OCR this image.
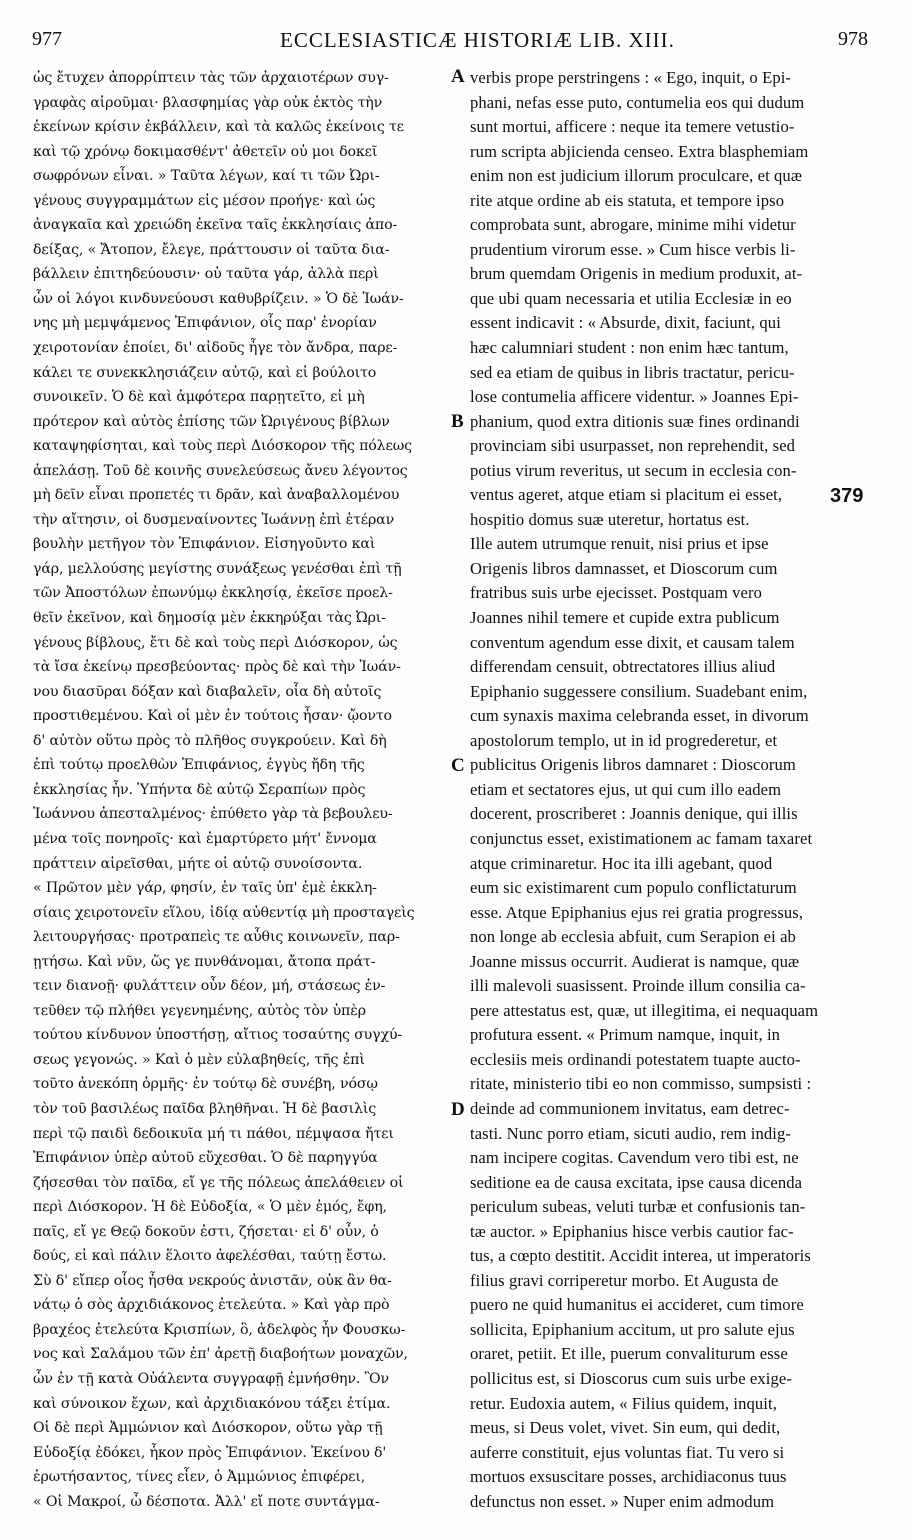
977	ECCLESIASTICÆ HISTORIÆ LIB. XIII.	978
ὡς ἔτυχεν ἀπορρίπτειν τὰς τῶν ἀρχαιοτέρων συγ-
γραφὰς αἱροῦμαι· βλασφημίας γὰρ οὐκ ἐκτὸς τὴν
ἐκείνων κρίσιν ἐκβάλλειν, καὶ τὰ καλῶς ἐκείνοις τε
καὶ τῷ χρόνῳ δοκιμασθέντ' ἀθετεῖν οὐ μοι δοκεῖ
σωφρόνων εἶναι. » Ταῦτα λέγων, καί τι τῶν Ὠρι-
γένους συγγραμμάτων εἰς μέσον προήγε· καὶ ὡς
ἀναγκαῖα καὶ χρειώδη ἐκεῖνα ταῖς ἐκκλησίαις ἀπο-
δείξας, « Ἄτοπον, ἔλεγε, πράττουσιν οἱ ταῦτα δια-
βάλλειν ἐπιτηδεύουσιν· οὐ ταῦτα γάρ, ἀλλὰ περὶ
ὧν οἱ λόγοι κινδυνεύουσι καθυβρίζειν. » Ὁ δὲ Ἰωάν-
νης μὴ μεμψάμενος Ἐπιφάνιον, οἷς παρ' ἐνορίαν
χειροτονίαν ἐποίει, δι' αἰδοῦς ἦγε τὸν ἄνδρα, παρε-
κάλει τε συνεκκλησιάζειν αὐτῷ, καὶ εἰ βούλοιτο
συνοικεῖν. Ὁ δὲ καὶ ἀμφότερα παρῃτεῖτο, εἰ μὴ
πρότερον καὶ αὐτὸς ἐπίσης τῶν Ὠριγένους βίβλων
καταψηφίσηται, καὶ τοὺς περὶ Διόσκορον τῆς πόλεως
ἀπελάσῃ. Τοῦ δὲ κοινῆς συνελεύσεως ἄνευ λέγοντος
μὴ δεῖν εἶναι προπετές τι δρᾶν, καὶ ἀναβαλλομένου
τὴν αἴτησιν, οἱ δυσμεναίνοντες Ἰωάννῃ ἐπὶ ἑτέραν
βουλὴν μετῆγον τὸν Ἐπιφάνιον. Εἰσηγοῦντο καὶ
γάρ, μελλούσης μεγίστης συνάξεως γενέσθαι ἐπὶ τῇ
τῶν Ἀποστόλων ἐπωνύμῳ ἐκκλησίᾳ, ἐκεῖσε προελ-
θεῖν ἐκεῖνον, καὶ δημοσίᾳ μὲν ἐκκηρύξαι τὰς Ὠρι-
γένους βίβλους, ἔτι δὲ καὶ τοὺς περὶ Διόσκορον, ὡς
τὰ ἴσα ἐκείνῳ πρεσβεύοντας· πρὸς δὲ καὶ τὴν Ἰωάν-
νου διασῦραι δόξαν καὶ διαβαλεῖν, οἷα δὴ αὐτοῖς
προστιθεμένου. Καὶ οἱ μὲν ἐν τούτοις ἦσαν· ᾤοντο
δ' αὐτὸν οὕτω πρὸς τὸ πλῆθος συγκρούειν. Καὶ δὴ
ἐπὶ τούτῳ προελθὼν Ἐπιφάνιος, ἐγγὺς ἤδη τῆς
ἐκκλησίας ἦν. Ὑπήντα δὲ αὐτῷ Σεραπίων πρὸς
Ἰωάννου ἀπεσταλμένος· ἐπύθετο γὰρ τὰ βεβουλευ-
μένα τοῖς πονηροῖς· καὶ ἐμαρτύρετο μήτ' ἔννομα
πράττειν αἱρεῖσθαι, μήτε οἱ αὐτῷ συνοίσοντα.
« Πρῶτον μὲν γάρ, φησίν, ἐν ταῖς ὑπ' ἐμὲ ἐκκλη-
σίαις χειροτονεῖν εἵλου, ἰδίᾳ αὐθεντίᾳ μὴ προσταγεὶς
λειτουργήσας· προτραπεὶς τε αὖθις κοινωνεῖν, παρ-
ῃτήσω. Καὶ νῦν, ὥς γε πυνθάνομαι, ἄτοπα πράτ-
τειν διανοῇ· φυλάττειν οὖν δέον, μή, στάσεως ἐν-
τεῦθεν τῷ πλήθει γεγενημένης, αὐτὸς τὸν ὑπὲρ
τούτου κίνδυνον ὑποστήσῃ, αἴτιος τοσαύτης συγχύ-
σεως γεγονώς. » Καὶ ὁ μὲν εὐλαβηθείς, τῆς ἐπὶ
τοῦτο ἀνεκόπη ὁρμῆς· ἐν τούτῳ δὲ συνέβη, νόσῳ
τὸν τοῦ βασιλέως παῖδα βληθῆναι. Ἡ δὲ βασιλὶς
περὶ τῷ παιδὶ δεδοικυῖα μή τι πάθοι, πέμψασα ἤτει
Ἐπιφάνιον ὑπὲρ αὐτοῦ εὔχεσθαι. Ὁ δὲ παρηγγύα
ζήσεσθαι τὸν παῖδα, εἴ γε τῆς πόλεως ἀπελάθειεν οἱ
περὶ Διόσκορον. Ἡ δὲ Εὐδοξία, « Ὁ μὲν ἐμός, ἔφη,
παῖς, εἴ γε Θεῷ δοκοῦν ἐστι, ζήσεται· εἰ δ' οὖν, ὁ
δούς, εἰ καὶ πάλιν ἕλοιτο ἀφελέσθαι, ταύτῃ ἔστω.
Σὺ δ' εἴπερ οἷος ἦσθα νεκρούς ἀνιστᾶν, οὐκ ἂν θα-
νάτῳ ὁ σὸς ἀρχιδιάκονος ἐτελεύτα. » Καὶ γὰρ πρὸ
βραχέος ἐτελεύτα Κρισπίων, ὃ, ἀδελφὸς ἦν Φουσκω-
νος καὶ Σαλάμου τῶν ἐπ' ἀρετῇ διαβοήτων μοναχῶν,
ὧν ἐν τῇ κατὰ Οὐάλεντα συγγραφῇ ἐμνήσθην. Ὃν
καὶ σύνοικον ἔχων, καὶ ἀρχιδιακόνου τάξει ἐτίμα.
Οἱ δὲ περὶ Ἀμμώνιον καὶ Διόσκορον, οὕτω γὰρ τῇ
Εὐδοξίᾳ ἐδόκει, ἧκον πρὸς Ἐπιφάνιον. Ἐκείνου δ'
ἐρωτήσαντος, τίνες εἶεν, ὁ Ἀμμώνιος ἐπιφέρει,
« Οἱ Μακροί, ὦ δέσποτα. Ἀλλ' εἴ ποτε συντάγμα-
verbis prope perstringens : « Ego, inquit, o Epi-
phani, nefas esse puto, contumelia eos qui dudum
sunt mortui, afficere : neque ita temere vetustio-
rum scripta abjicienda censeo. Extra blasphemiam
enim non est judicium illorum proculcare, et quæ
rite atque ordine ab eis statuta, et tempore ipso
comprobata sunt, abrogare, minime mihi videtur
prudentium virorum esse. » Cum hisce verbis li-
brum quemdam Origenis in medium produxit, at-
que ubi quam necessaria et utilia Ecclesiæ in eo
essent indicavit : « Absurde, dixit, faciunt, qui
hæc calumniari student : non enim hæc tantum,
sed ea etiam de quibus in libris tractatur, pericu-
lose contumelia afficere videntur. » Joannes Epi-
phanium, quod extra ditionis suæ fines ordinandi
provinciam sibi usurpasset, non reprehendit, sed
potius virum reveritus, ut secum in ecclesia con-
ventus ageret, atque etiam si placitum ei esset,
hospitio domus suæ uteretur, hortatus est.
Ille autem utrumque renuit, nisi prius et ipse
Origenis libros damnasset, et Dioscorum cum
fratribus suis urbe ejecisset. Postquam vero
Joannes nihil temere et cupide extra publicum
conventum agendum esse dixit, et causam talem
differendam censuit, obtrectatores illius aliud
Epiphanio suggessere consilium. Suadebant enim,
cum synaxis maxima celebranda esset, in divorum
apostolorum templo, ut in id progrederetur, et
publicitus Origenis libros damnaret : Dioscorum
etiam et sectatores ejus, ut qui cum illo eadem
docerent, proscriberet : Joannis denique, qui illis
conjunctus esset, existimationem ac famam taxaret
atque criminaretur. Hoc ita illi agebant, quod
eum sic existimarent cum populo conflictaturum
esse. Atque Epiphanius ejus rei gratia progressus,
non longe ab ecclesia abfuit, cum Serapion ei ab
Joanne missus occurrit. Audierat is namque, quæ
illi malevoli suasissent. Proinde illum consilia ca-
pere attestatus est, quæ, ut illegitima, ei nequaquam
profutura essent. « Primum namque, inquit, in
ecclesiis meis ordinandi potestatem tuapte aucto-
ritate, ministerio tibi eo non commisso, sumpsisti :
deinde ad communionem invitatus, eam detrec-
tasti. Nunc porro etiam, sicuti audio, rem indig-
nam incipere cogitas. Cavendum vero tibi est, ne
seditione ea de causa excitata, ipse causa dicenda
periculum subeas, veluti turbæ et confusionis tan-
tæ auctor. » Epiphanius hisce verbis cautior fac-
tus, a cœpto destitit. Accidit interea, ut imperatoris
filius gravi corriperetur morbo. Et Augusta de
puero ne quid humanitus ei accideret, cum timore
sollicita, Epiphanium accitum, ut pro salute ejus
oraret, petiit. Et ille, puerum convaliturum esse
pollicitus est, si Dioscorus cum suis urbe exige-
retur. Eudoxia autem, « Filius quidem, inquit,
meus, si Deus volet, vivet. Sin eum, qui dedit,
auferre constituit, ejus voluntas fiat. Tu vero si
mortuos exsuscitare posses, archidiaconus tuus
defunctus non esset. » Nuper enim admodum
A
B
C
D
379
